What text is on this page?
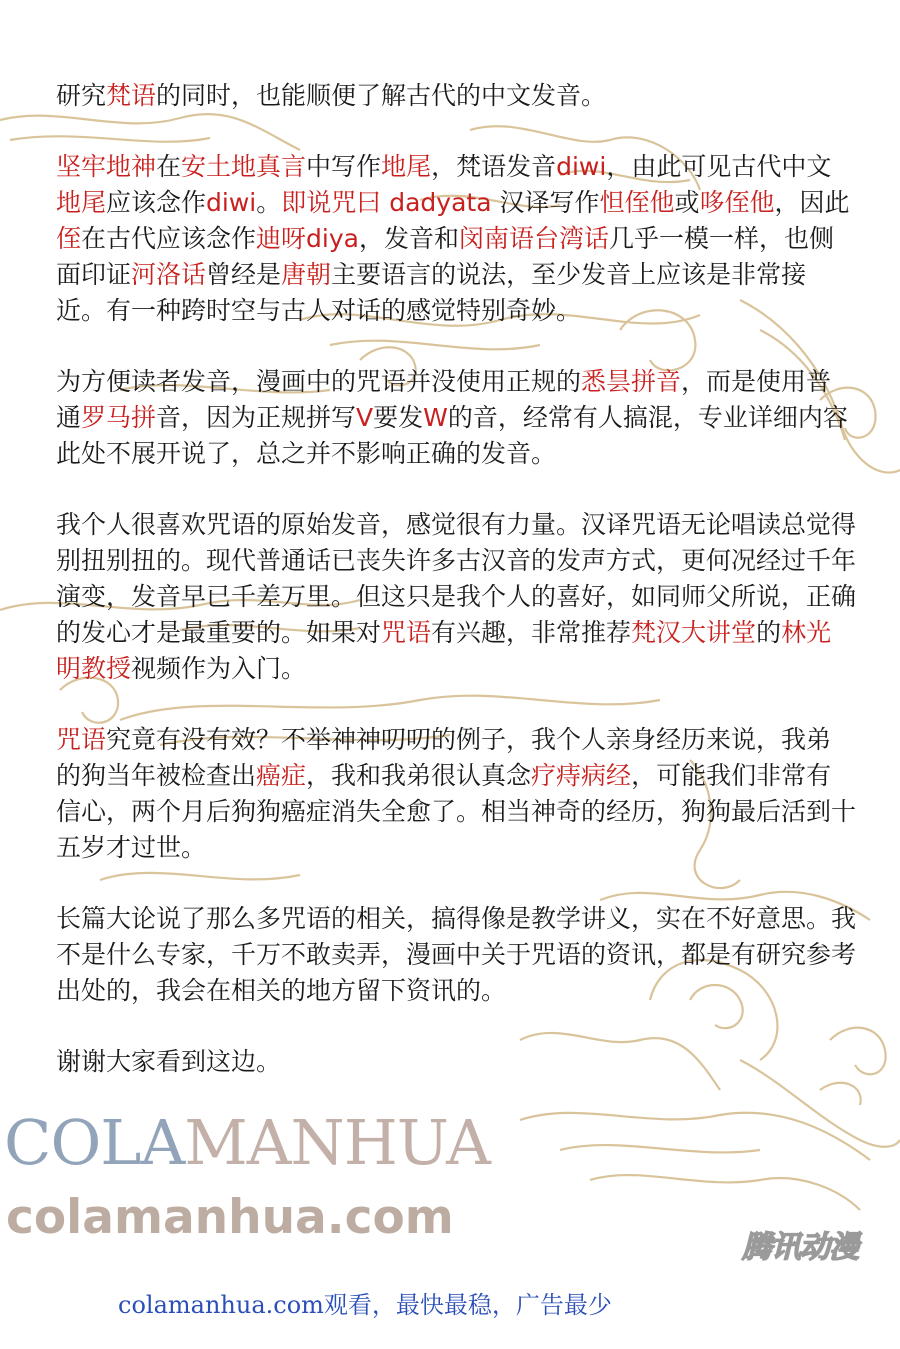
研究梵语的同时，也能顺便了解古代的中文发音。

坚牢地神在安土地真言中写作地尾，梵语发音diwi，由此可见古代中文地尾应该念作diwi。即说咒曰 dadyata 汉译写作怛侄他或哆侄他，因此侄在古代应该念作迪呀diya，发音和闵南语台湾话几乎一模一样，也侧面印证河洛话曾经是唐朝主要语言的说法，至少发音上应该是非常接近。有一种跨时空与古人对话的感觉特别奇妙。

为方便读者发音，漫画中的咒语并没使用正规的悉昙拼音，而是使用普通罗马拼音，因为正规拼写V要发W的音，经常有人搞混，专业详细内容此处不展开说了，总之并不影响正确的发音。

我个人很喜欢咒语的原始发音，感觉很有力量。汉译咒语无论唱读总觉得别扭别扭的。现代普通话已丧失许多古汉音的发声方式，更何况经过千年演变，发音早已千差万里。但这只是我个人的喜好，如同师父所说，正确的发心才是最重要的。如果对咒语有兴趣，非常推荐梵汉大讲堂的林光明教授视频作为入门。

咒语究竟有没有效？不举神神叨叨的例子，我个人亲身经历来说，我弟的狗当年被检查出癌症，我和我弟很认真念疗痔病经，可能我们非常有信心，两个月后狗狗癌症消失全愈了。相当神奇的经历，狗狗最后活到十五岁才过世。

长篇大论说了那么多咒语的相关，搞得像是教学讲义，实在不好意思。我不是什么专家，千万不敢卖弄，漫画中关于咒语的资讯，都是有研究参考出处的，我会在相关的地方留下资讯的。

谢谢大家看到这边。

COLAMANHUA
colamanhua.com
腾讯动漫
colamanhua.com观看，最快最稳，广告最少
